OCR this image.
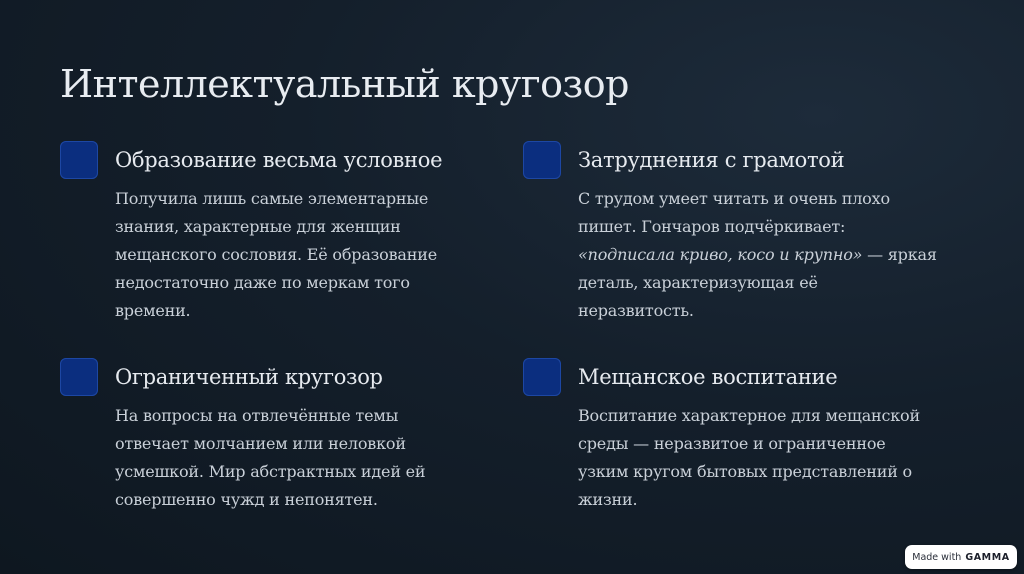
Интеллектуальный кругозор
Образование весьма условное

Получила лишь самые элементарные знания, характерные для женщин мещанского сословия. Её образование недостаточно даже по меркам того времени.

Затруднения с грамотой

С трудом умеет читать и очень плохо пишет. Гончаров подчёркивает: «подписала криво, косо и крупно» — яркая деталь, характеризующая её неразвитость.

Ограниченный кругозор

На вопросы на отвлечённые темы отвечает молчанием или неловкой усмешкой. Мир абстрактных идей ей совершенно чужд и непонятен.

Мещанское воспитание

Воспитание характерное для мещанской среды — неразвитое и ограниченное узким кругом бытовых представлений о жизни.

Made with GAMMA
